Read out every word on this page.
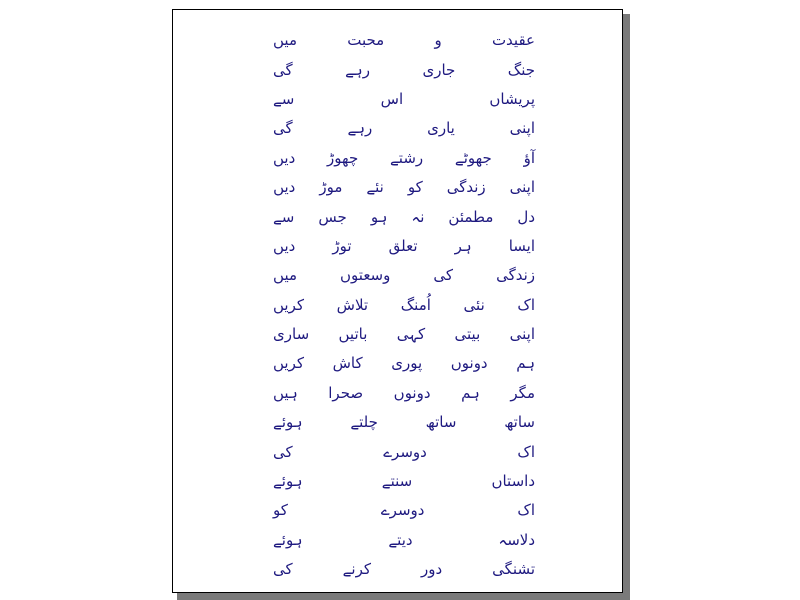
عقیدت
و
محبت
میں
جنگ
جاری
رہے
گی
پریشاں
اس
سے
اپنی
یاری
رہے
گی
آؤ
جھوٹے
رشتے
چھوڑ
دیں
اپنی
زندگی
کو
نئے
موڑ
دیں
دل
مطمئن
نہ
ہو
جس
سے
ایسا
ہر
تعلق
توڑ
دیں
زندگی
کی
وسعتوں
میں
اک
نئی
اُمنگ
تلاش
کریں
اپنی
بیتی
کہی
باتیں
ساری
ہم
دونوں
پوری
کاش
کریں
مگر
ہم
دونوں
صحرا
ہیں
ساتھ
ساتھ
چلتے
ہوئے
اک
دوسرے
کی
داستاں
سنتے
ہوئے
اک
دوسرے
کو
دلاسہ
دیتے
ہوئے
تشنگی
دور
کرنے
کی
